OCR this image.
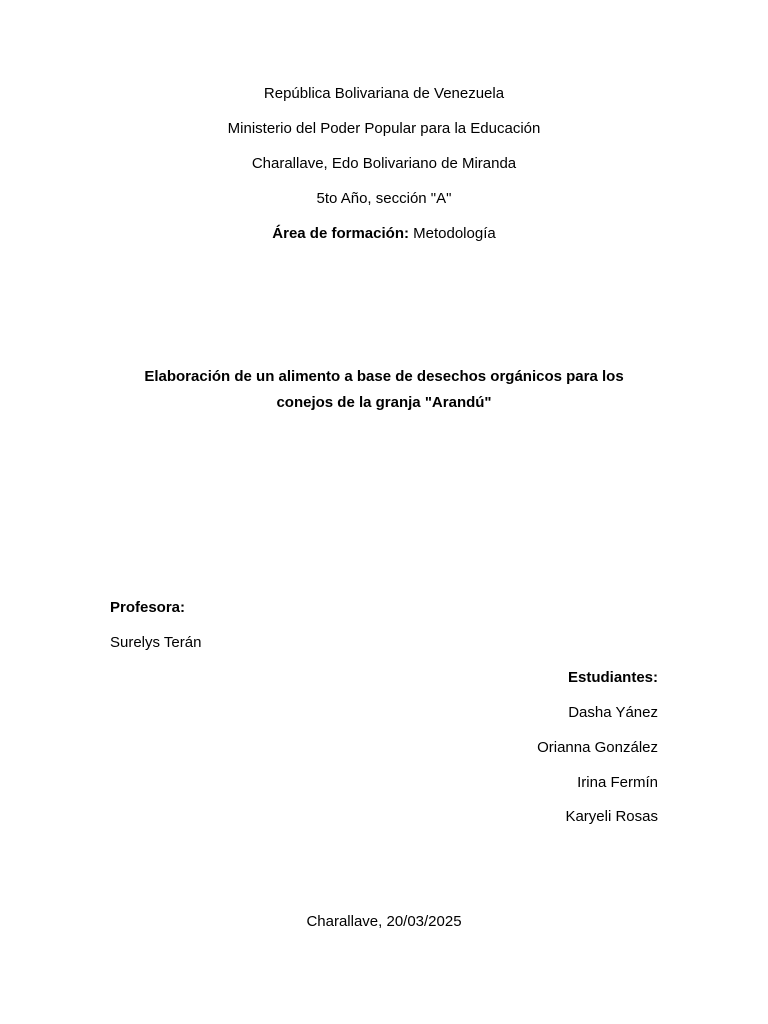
República Bolivariana de Venezuela
Ministerio del Poder Popular para la Educación
Charallave, Edo Bolivariano de Miranda
5to Año, sección "A"
Área de formación: Metodología
Elaboración de un alimento a base de desechos orgánicos para los
conejos de la granja "Arandú"
Profesora:
Surelys Terán
Estudiantes:
Dasha Yánez
Orianna González
Irina Fermín
Karyeli Rosas
Charallave, 20/03/2025
